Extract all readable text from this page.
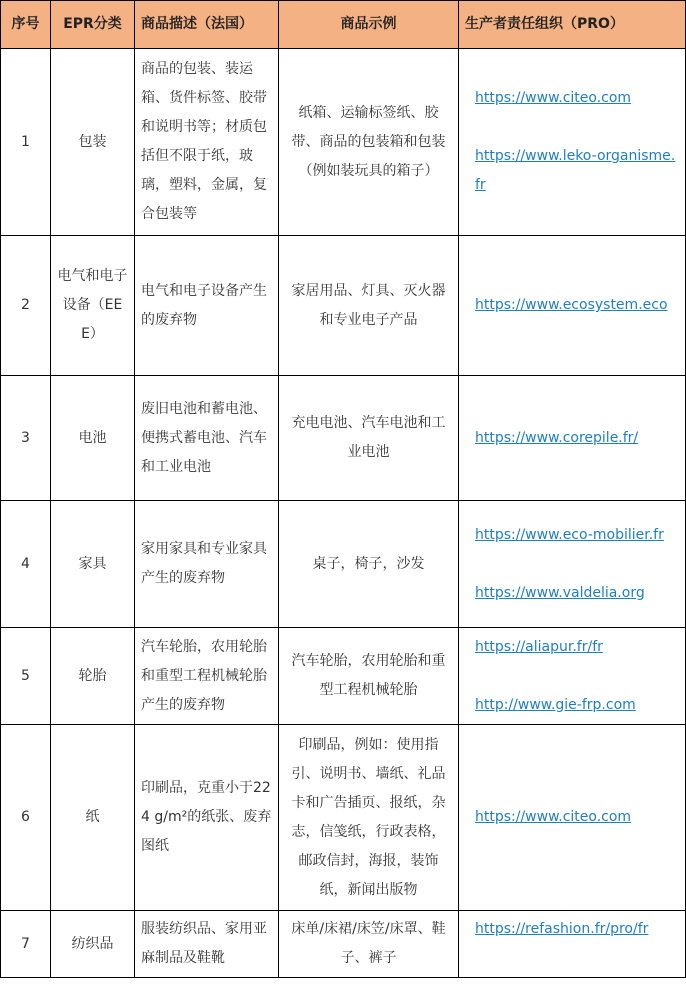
序号	EPR分类	商品描述（法国）	商品示例	生产者责任组织（PRO）
1	包装	商品的包装、装运箱、货件标签、胶带和说明书等；材质包括但不限于纸，玻璃，塑料，金属，复合包装等	纸箱、运输标签纸、胶带、商品的包装箱和包装（例如装玩具的箱子）	https://www.citeo.com
https://www.leko-organisme.fr

2	电气和电子设备（EEE）	电气和电子设备产生的废弃物	家居用品、灯具、灭火器和专业电子产品	https://www.ecosystem.eco

3	电池	废旧电池和蓄电池、便携式蓄电池、汽车和工业电池	充电电池、汽车电池和工业电池	https://www.corepile.fr/

4	家具	家用家具和专业家具产生的废弃物	桌子，椅子，沙发	https://www.eco-mobilier.fr
https://www.valdelia.org

5	轮胎	汽车轮胎，农用轮胎和重型工程机械轮胎产生的废弃物	汽车轮胎，农用轮胎和重型工程机械轮胎	https://aliapur.fr/fr
http://www.gie-frp.com

6	纸	印刷品，克重小于224 g/m²的纸张、废弃图纸	印刷品，例如：使用指引、说明书、墙纸、礼品卡和广告插页、报纸，杂志，信笺纸，行政表格，邮政信封，海报，装饰纸，新闻出版物	https://www.citeo.com

7	纺织品	服装纺织品、家用亚麻制品及鞋靴	床单/床裙/床笠/床罩、鞋子、裤子	https://refashion.fr/pro/fr
